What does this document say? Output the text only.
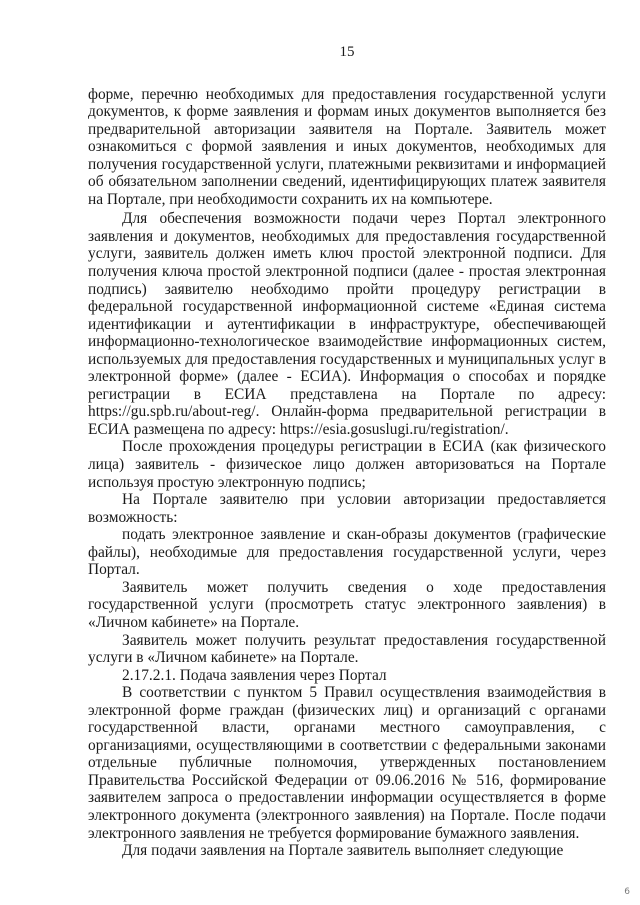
15

форме, перечню необходимых для предоставления государственной услуги документов, к форме заявления и формам иных документов выполняется без предварительной авторизации заявителя на Портале. Заявитель может ознакомиться с формой заявления и иных документов, необходимых для получения государственной услуги, платежными реквизитами и информацией об обязательном заполнении сведений, идентифицирующих платеж заявителя на Портале, при необходимости сохранить их на компьютере.

Для обеспечения возможности подачи через Портал электронного заявления и документов, необходимых для предоставления государственной услуги, заявитель должен иметь ключ простой электронной подписи. Для получения ключа простой электронной подписи (далее - простая электронная подпись) заявителю необходимо пройти процедуру регистрации в федеральной государственной информационной системе «Единая система идентификации и аутентификации в инфраструктуре, обеспечивающей информационно-технологическое взаимодействие информационных систем, используемых для предоставления государственных и муниципальных услуг в электронной форме» (далее - ЕСИА). Информация о способах и порядке регистрации в ЕСИА представлена на Портале по адресу: https://gu.spb.ru/about-reg/. Онлайн-форма предварительной регистрации в ЕСИА размещена по адресу: https://esia.gosuslugi.ru/registration/.

После прохождения процедуры регистрации в ЕСИА (как физического лица) заявитель - физическое лицо должен авторизоваться на Портале используя простую электронную подпись;

На Портале заявителю при условии авторизации предоставляется возможность:

подать электронное заявление и скан-образы документов (графические файлы), необходимые для предоставления государственной услуги, через Портал.

Заявитель может получить сведения о ходе предоставления государственной услуги (просмотреть статус электронного заявления) в «Личном кабинете» на Портале.

Заявитель может получить результат предоставления государственной услуги в «Личном кабинете» на Портале.

2.17.2.1. Подача заявления через Портал

В соответствии с пунктом 5 Правил осуществления взаимодействия в электронной форме граждан (физических лиц) и организаций с органами государственной власти, органами местного самоуправления, с организациями, осуществляющими в соответствии с федеральными законами отдельные публичные полномочия, утвержденных постановлением Правительства Российской Федерации от 09.06.2016 № 516, формирование заявителем запроса о предоставлении информации осуществляется в форме электронного документа (электронного заявления) на Портале. После подачи электронного заявления не требуется формирование бумажного заявления.

Для подачи заявления на Портале заявитель выполняет следующие

6
